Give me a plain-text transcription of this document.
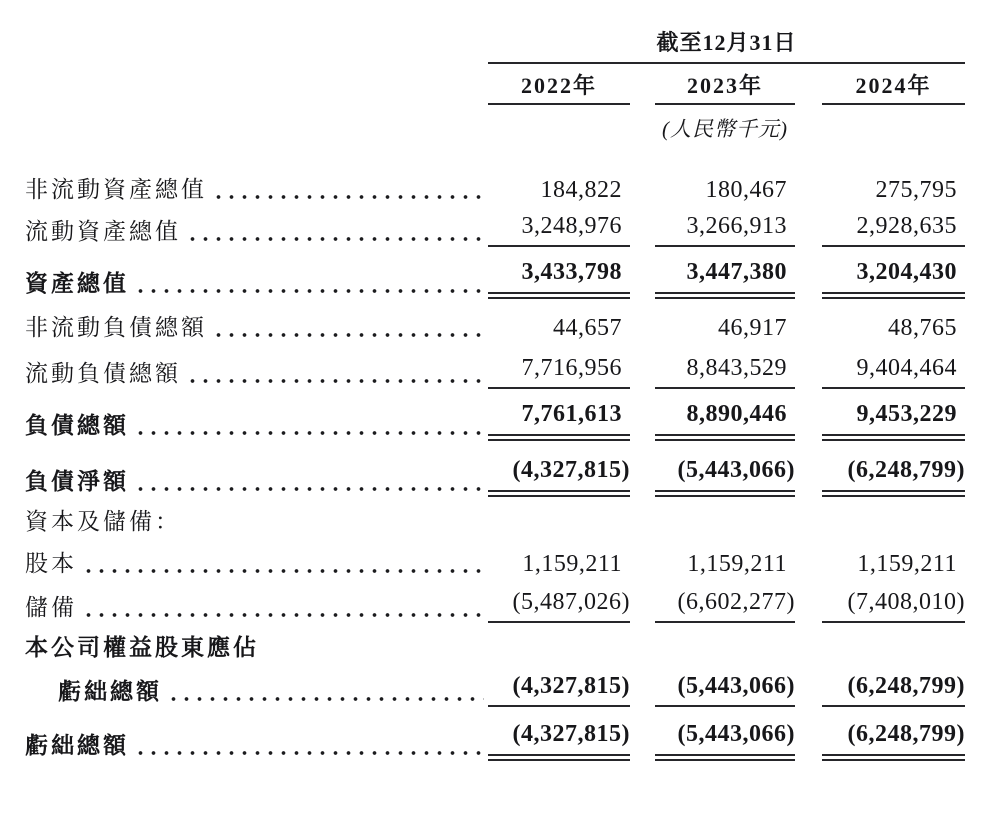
	截至12月31日				
	2022年		2023年		2024年

			(人民幣千元)		

非流動資產總值	184,822		180,467		275,795

流動資產總值	3,248,976		3,266,913		2,928,635

資產總值	3,433,798		3,447,380		3,204,430

非流動負債總額	44,657		46,917		48,765

流動負債總額	7,716,956		8,843,529		9,404,464

負債總額	7,761,613		8,890,446		9,453,229

負債淨額	(4,327,815)		(5,443,066)		(6,248,799)

資本及儲備：					

股本	1,159,211		1,159,211		1,159,211

儲備	(5,487,026)		(6,602,277)		(7,408,010)

本公司權益股東應佔					

虧絀總額	(4,327,815)		(5,443,066)		(6,248,799)

虧絀總額	(4,327,815)		(5,443,066)		(6,248,799)
